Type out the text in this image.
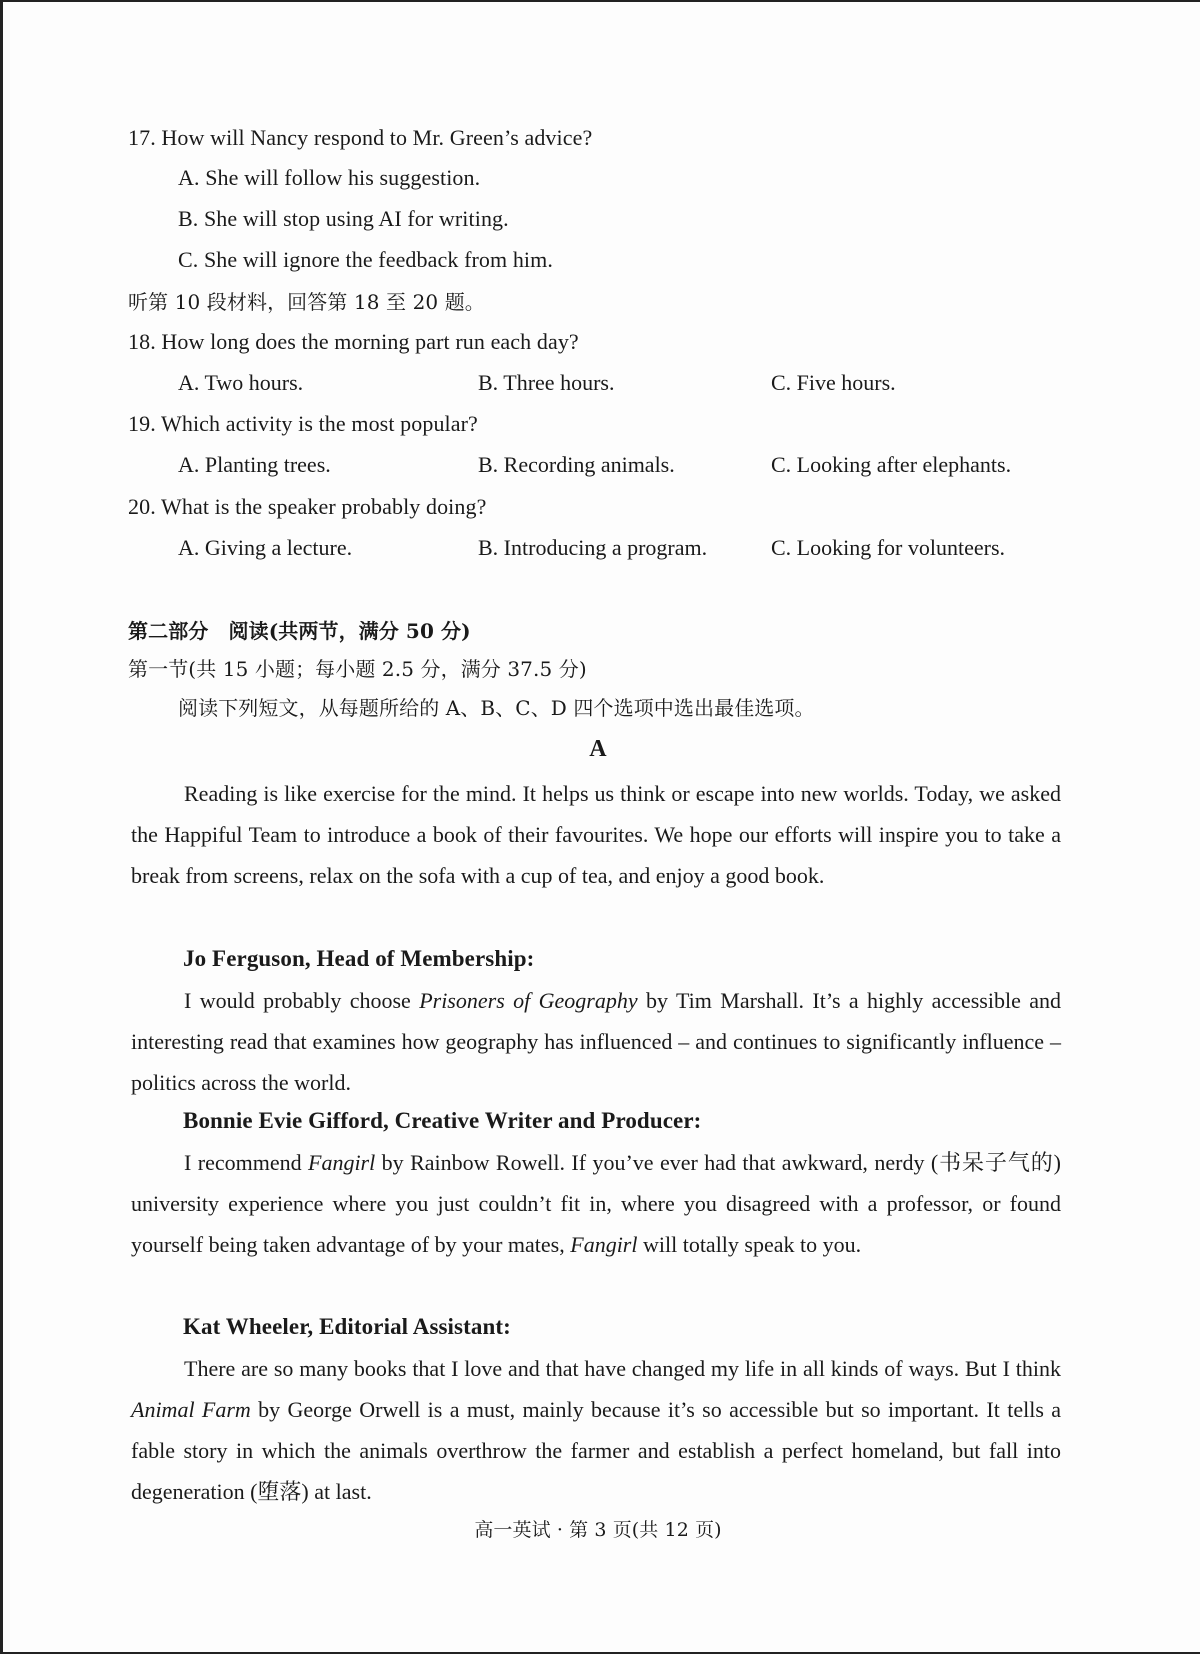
17. How will Nancy respond to Mr. Green’s advice?
A. She will follow his suggestion.
B. She will stop using AI for writing.
C. She will ignore the feedback from him.
听第 10 段材料，回答第 18 至 20 题。
18. How long does the morning part run each day?
A. Two hours.	B. Three hours.	C. Five hours.
19. Which activity is the most popular?
A. Planting trees.	B. Recording animals.	C. Looking after elephants.
20. What is the speaker probably doing?
A. Giving a lecture.	B. Introducing a program.	C. Looking for volunteers.
第二部分　阅读(共两节，满分 50 分)
第一节(共 15 小题；每小题 2.5 分，满分 37.5 分)
阅读下列短文，从每题所给的 A、B、C、D 四个选项中选出最佳选项。
A
Reading is like exercise for the mind. It helps us think or escape into new worlds. Today, we asked the Happiful Team to introduce a book of their favourites. We hope our efforts will inspire you to take a break from screens, relax on the sofa with a cup of tea, and enjoy a good book.
Jo Ferguson, Head of Membership:
I would probably choose Prisoners of Geography by Tim Marshall. It’s a highly accessible and interesting read that examines how geography has influenced – and continues to significantly influence – politics across the world.
Bonnie Evie Gifford, Creative Writer and Producer:
I recommend Fangirl by Rainbow Rowell. If you’ve ever had that awkward, nerdy (书呆子气的) university experience where you just couldn’t fit in, where you disagreed with a professor, or found yourself being taken advantage of by your mates, Fangirl will totally speak to you.
Kat Wheeler, Editorial Assistant:
There are so many books that I love and that have changed my life in all kinds of ways. But I think Animal Farm by George Orwell is a must, mainly because it’s so accessible but so important. It tells a fable story in which the animals overthrow the farmer and establish a perfect homeland, but fall into degeneration (堕落) at last.
高一英试 · 第 3 页(共 12 页)
